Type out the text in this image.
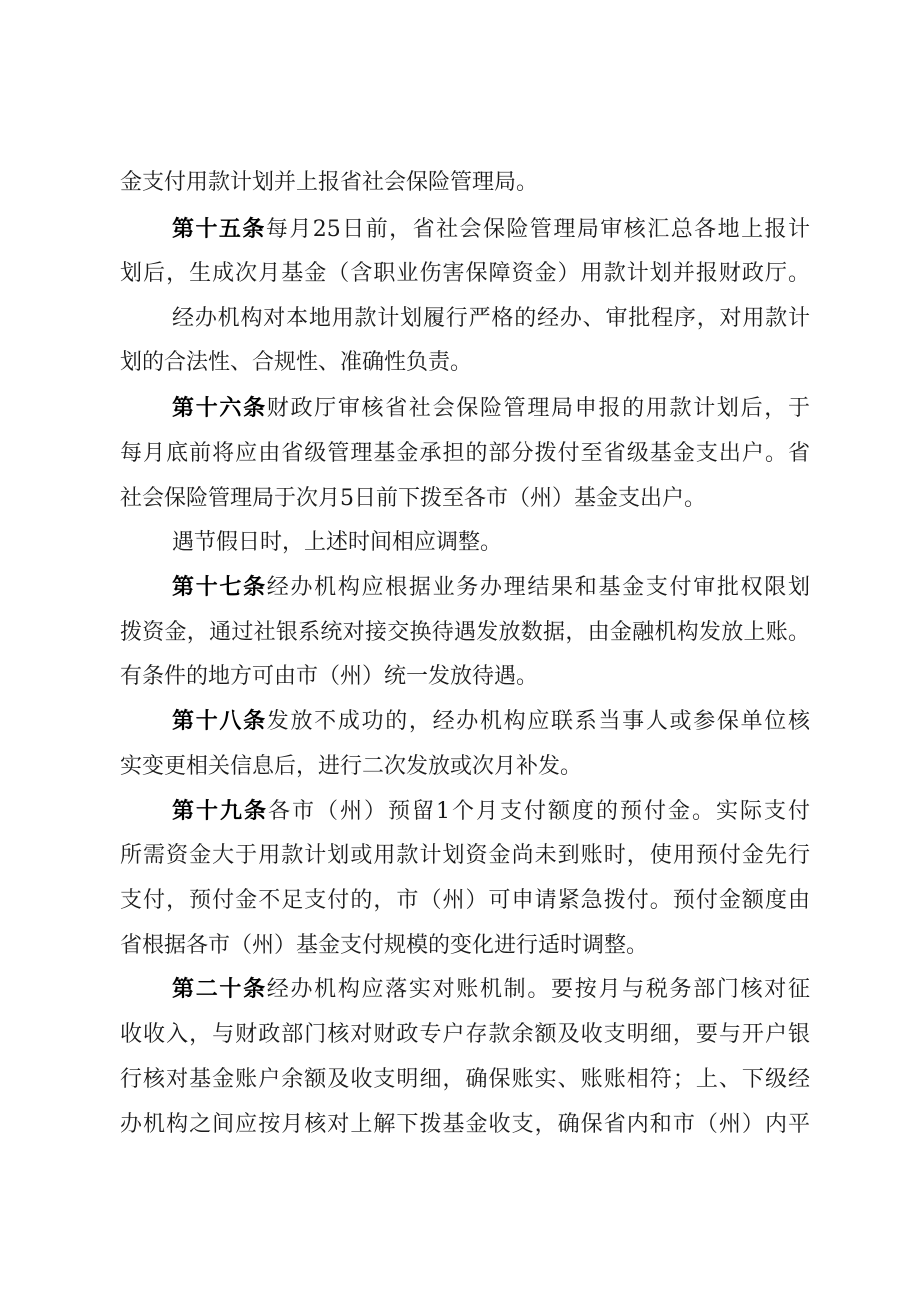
金支付用款计划并上报省社会保险管理局。
第十五条每月25日前，省社会保险管理局审核汇总各地上报计
划后，生成次月基金（含职业伤害保障资金）用款计划并报财政厅。
经办机构对本地用款计划履行严格的经办、审批程序，对用款计
划的合法性、合规性、准确性负责。
第十六条财政厅审核省社会保险管理局申报的用款计划后，于
每月底前将应由省级管理基金承担的部分拨付至省级基金支出户。省
社会保险管理局于次月5日前下拨至各市（州）基金支出户。
遇节假日时，上述时间相应调整。
第十七条经办机构应根据业务办理结果和基金支付审批权限划
拨资金，通过社银系统对接交换待遇发放数据，由金融机构发放上账。
有条件的地方可由市（州）统一发放待遇。
第十八条发放不成功的，经办机构应联系当事人或参保单位核
实变更相关信息后，进行二次发放或次月补发。
第十九条各市（州）预留1个月支付额度的预付金。实际支付
所需资金大于用款计划或用款计划资金尚未到账时，使用预付金先行
支付，预付金不足支付的，市（州）可申请紧急拨付。预付金额度由
省根据各市（州）基金支付规模的变化进行适时调整。
第二十条经办机构应落实对账机制。要按月与税务部门核对征
收收入，与财政部门核对财政专户存款余额及收支明细，要与开户银
行核对基金账户余额及收支明细，确保账实、账账相符；上、下级经
办机构之间应按月核对上解下拨基金收支，确保省内和市（州）内平
